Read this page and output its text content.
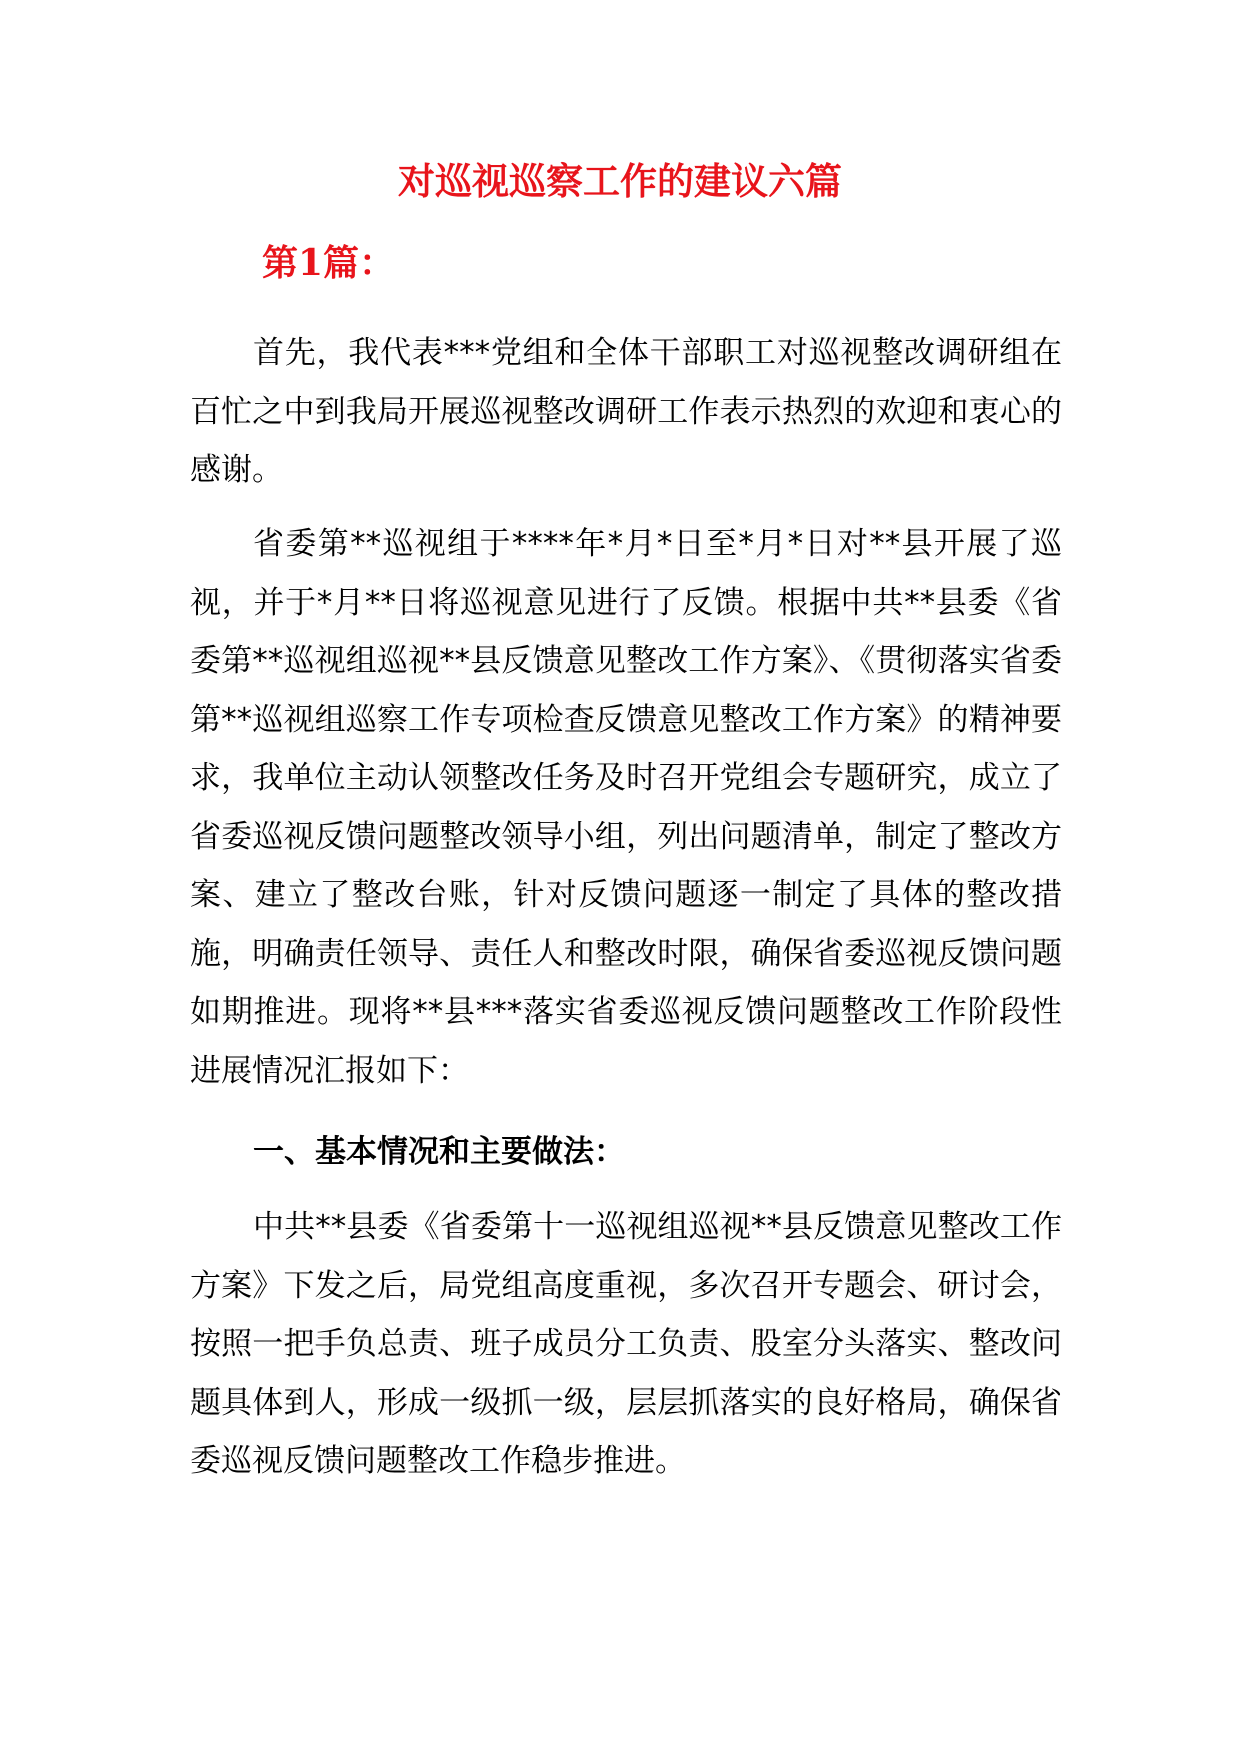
对巡视巡察工作的建议六篇
第1篇：

首先，我代表***党组和全体干部职工对巡视整改调研组在百忙之中到我局开展巡视整改调研工作表示热烈的欢迎和衷心的感谢。

省委第**巡视组于****年*月*日至*月*日对**县开展了巡视，并于*月**日将巡视意见进行了反馈。根据中共**县委《省委第**巡视组巡视**县反馈意见整改工作方案》、《贯彻落实省委第**巡视组巡察工作专项检查反馈意见整改工作方案》的精神要求，我单位主动认领整改任务及时召开党组会专题研究，成立了省委巡视反馈问题整改领导小组，列出问题清单，制定了整改方案、建立了整改台账，针对反馈问题逐一制定了具体的整改措施，明确责任领导、责任人和整改时限，确保省委巡视反馈问题如期推进。现将**县***落实省委巡视反馈问题整改工作阶段性进展情况汇报如下：

一、基本情况和主要做法：

中共**县委《省委第十一巡视组巡视**县反馈意见整改工作方案》下发之后，局党组高度重视，多次召开专题会、研讨会，按照一把手负总责、班子成员分工负责、股室分头落实、整改问题具体到人，形成一级抓一级，层层抓落实的良好格局，确保省委巡视反馈问题整改工作稳步推进。
